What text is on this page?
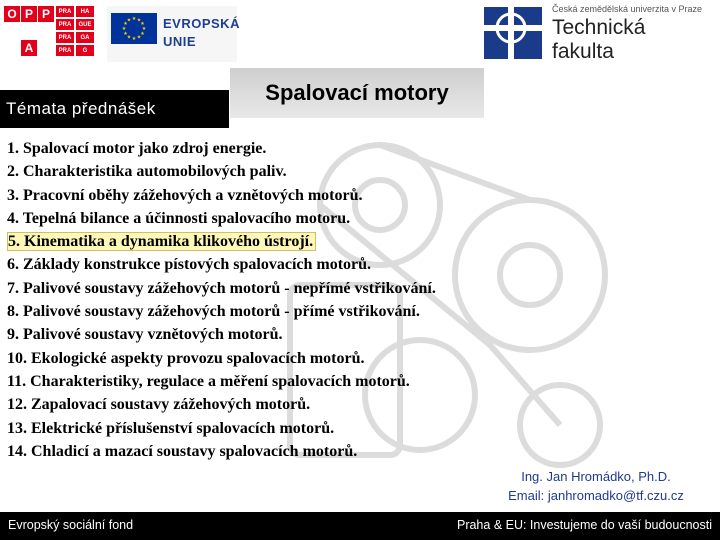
O P P
A
PRA	HA
PRA	GUE
PRA	GA
PRA	G
★ ★
★
★
★
★
★
★
★
★
★
★ EVROPSKÁ
UNIE
Česká zemědělská univerzita v Praze
Technická
fakulta
Témata přednášek
Spalovací motory
1. Spalovací motor jako zdroj energie.
2. Charakteristika automobilových paliv.
3. Pracovní oběhy zážehových a vznětových motorů.
4. Tepelná bilance a účinnosti spalovacího motoru.
5. Kinematika a dynamika klikového ústrojí.
6. Základy konstrukce pístových spalovacích motorů.
7. Palivové soustavy zážehových motorů - nepřímé vstřikování.
8. Palivové soustavy zážehových motorů - přímé vstřikování.
9. Palivové soustavy vznětových motorů.
10. Ekologické aspekty provozu spalovacích motorů.
11. Charakteristiky, regulace a měření spalovacích motorů.
12. Zapalovací soustavy zážehových motorů.
13. Elektrické příslušenství spalovacích motorů.
14. Chladicí a mazací soustavy spalovacích motorů.
Ing. Jan Hromádko, Ph.D.
Email: janhromadko@tf.czu.cz
Evropský sociální fond	Praha & EU: Investujeme do vaší budoucnosti
